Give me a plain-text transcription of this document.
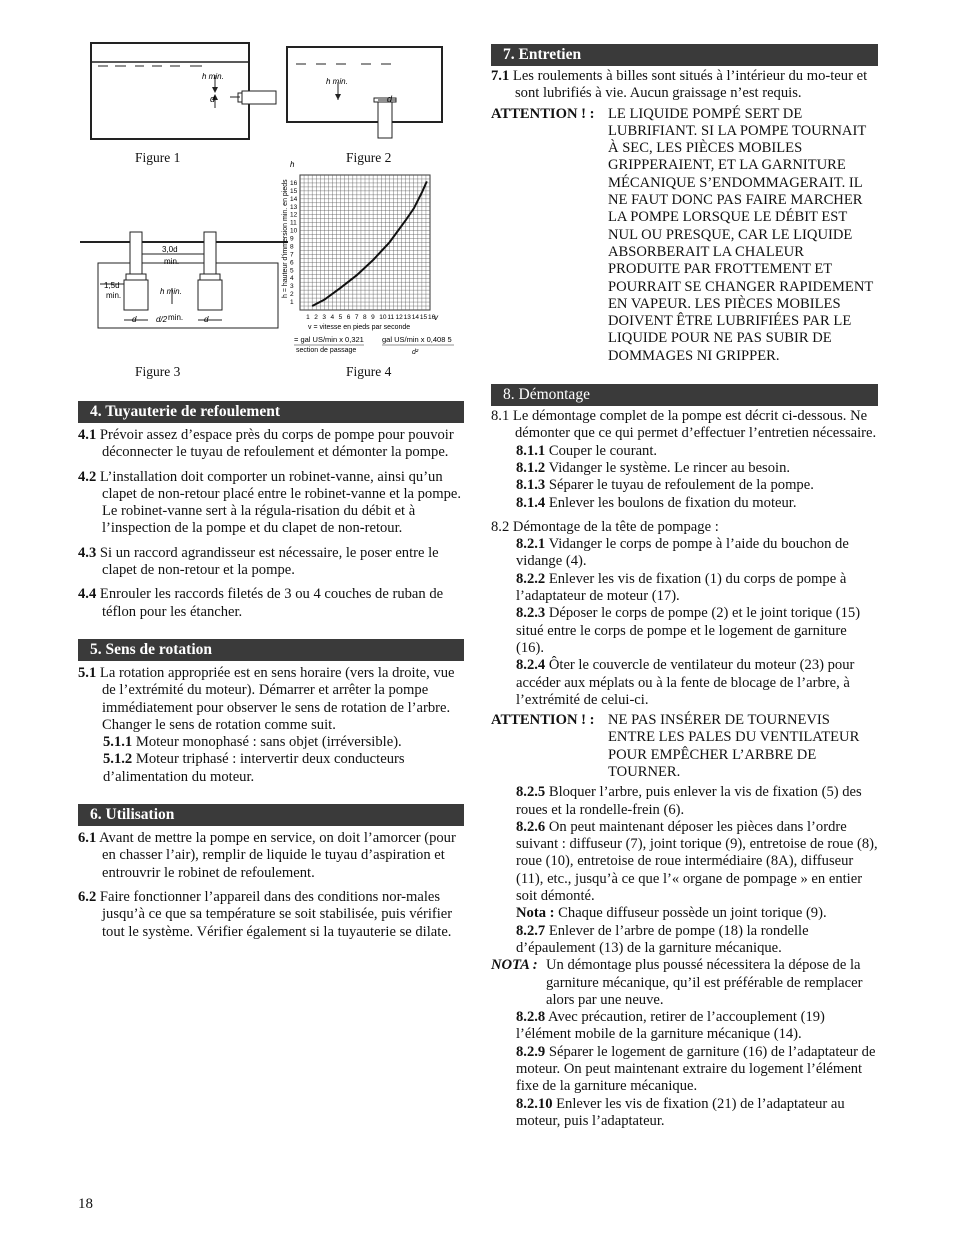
h min.
d
h min.
d
Figure 1	Figure 2
3,0d
min.
1,5d
min.	h min.
d	d
d/2 min.	1 2 3 4 5 6 7 8 9 10 11 12 13 14 15 16
1
2
3
4
5
6
7
8
9
10
11
12
13
14
15
16
h
v
h = hauteur d'immersion min. en pieds
v = vitesse en pieds par seconde
= gal US/min x 0,321
section de passage
gal US/min x 0,408 5
d²
Figure 3	Figure 4
4. Tuyauterie de refoulement

4.1 Prévoir assez d’espace près du corps de pompe pour pouvoir déconnecter le tuyau de refoulement et démonter la pompe.

4.2 L’installation doit comporter un robinet-vanne, ainsi qu’un clapet de non-retour placé entre le robinet-vanne et la pompe. Le robinet-vanne sert à la régula-risation du débit et à l’inspection de la pompe et du clapet de non-retour.

4.3 Si un raccord agrandisseur est nécessaire, le poser entre le clapet de non-retour et la pompe.

4.4 Enrouler les raccords filetés de 3 ou 4 couches de ruban de téflon pour les étancher.

5. Sens de rotation

5.1 La rotation appropriée est en sens horaire (vers la droite, vue de l’extrémité du moteur). Démarrer et arrêter la pompe immédiatement pour observer le sens de rotation de l’arbre. Changer le sens de rotation comme suit.

5.1.1 Moteur monophasé : sans objet (irréversible).

5.1.2 Moteur triphasé : intervertir deux conducteurs d’alimentation du moteur.

6. Utilisation

6.1 Avant de mettre la pompe en service, on doit l’amorcer (pour en chasser l’air), remplir de liquide le tuyau d’aspiration et entrouvrir le robinet de refoulement.

6.2 Faire fonctionner l’appareil dans des conditions nor-males jusqu’à ce que sa température se soit stabilisée, puis vérifier tout le système. Vérifier également si la tuyauterie se dilate.

7. Entretien

7.1 Les roulements à billes sont situés à l’intérieur du mo-teur et sont lubrifiés à vie. Aucun graissage n’est requis.

ATTENTION ! : LE LIQUIDE POMPÉ SERT DE LUBRIFIANT. SI LA POMPE TOURNAIT À SEC, LES PIÈCES MOBILES GRIPPERAIENT, ET LA GARNITURE MÉCANIQUE S’ENDOMMAGERAIT. IL NE FAUT DONC PAS FAIRE MARCHER LA POMPE LORSQUE LE DÉBIT EST NUL OU PRESQUE, CAR LE LIQUIDE ABSORBERAIT LA CHALEUR PRODUITE PAR FROTTEMENT ET POURRAIT SE CHANGER RAPIDEMENT EN VAPEUR. LES PIÈCES MOBILES DOIVENT ÊTRE LUBRIFIÉES PAR LE LIQUIDE POUR NE PAS SUBIR DE DOMMAGES NI GRIPPER.
8. Démontage

8.1 Le démontage complet de la pompe est décrit ci-dessous. Ne démonter que ce qui permet d’effectuer l’entretien nécessaire.

8.1.1 Couper le courant.

8.1.2 Vidanger le système. Le rincer au besoin.

8.1.3 Séparer le tuyau de refoulement de la pompe.

8.1.4 Enlever les boulons de fixation du moteur.

8.2 Démontage de la tête de pompage :

8.2.1 Vidanger le corps de pompe à l’aide du bouchon de vidange (4).

8.2.2 Enlever les vis de fixation (1) du corps de pompe à l’adaptateur de moteur (17).

8.2.3 Déposer le corps de pompe (2) et le joint torique (15) situé entre le corps de pompe et le logement de garniture (16).

8.2.4 Ôter le couvercle de ventilateur du moteur (23) pour accéder aux méplats ou à la fente de blocage de l’arbre, à l’extrémité de celui-ci.

ATTENTION ! : NE PAS INSÉRER DE TOURNEVIS ENTRE LES PALES DU VENTILATEUR POUR EMPÊCHER L’ARBRE DE TOURNER.

8.2.5 Bloquer l’arbre, puis enlever la vis de fixation (5) des roues et la rondelle-frein (6).

8.2.6 On peut maintenant déposer les pièces dans l’ordre suivant : diffuseur (7), joint torique (9), entretoise de roue (8), roue (10), entretoise de roue intermédiaire (8A), diffuseur (11), etc., jusqu’à ce que l’« organe de pompage » en entier soit démonté.

Nota : Chaque diffuseur possède un joint torique (9).

8.2.7 Enlever de l’arbre de pompe (18) la rondelle d’épaulement (13) de la garniture mécanique.

NOTA : Un démontage plus poussé nécessitera la dépose de la garniture mécanique, qu’il est préférable de remplacer alors par une neuve.

8.2.8 Avec précaution, retirer de l’accouplement (19) l’élément mobile de la garniture mécanique (14).

8.2.9 Séparer le logement de garniture (16) de l’adaptateur de moteur. On peut maintenant extraire du logement l’élément fixe de la garniture mécanique.

8.2.10 Enlever les vis de fixation (21) de l’adaptateur au moteur, puis l’adaptateur.

18
